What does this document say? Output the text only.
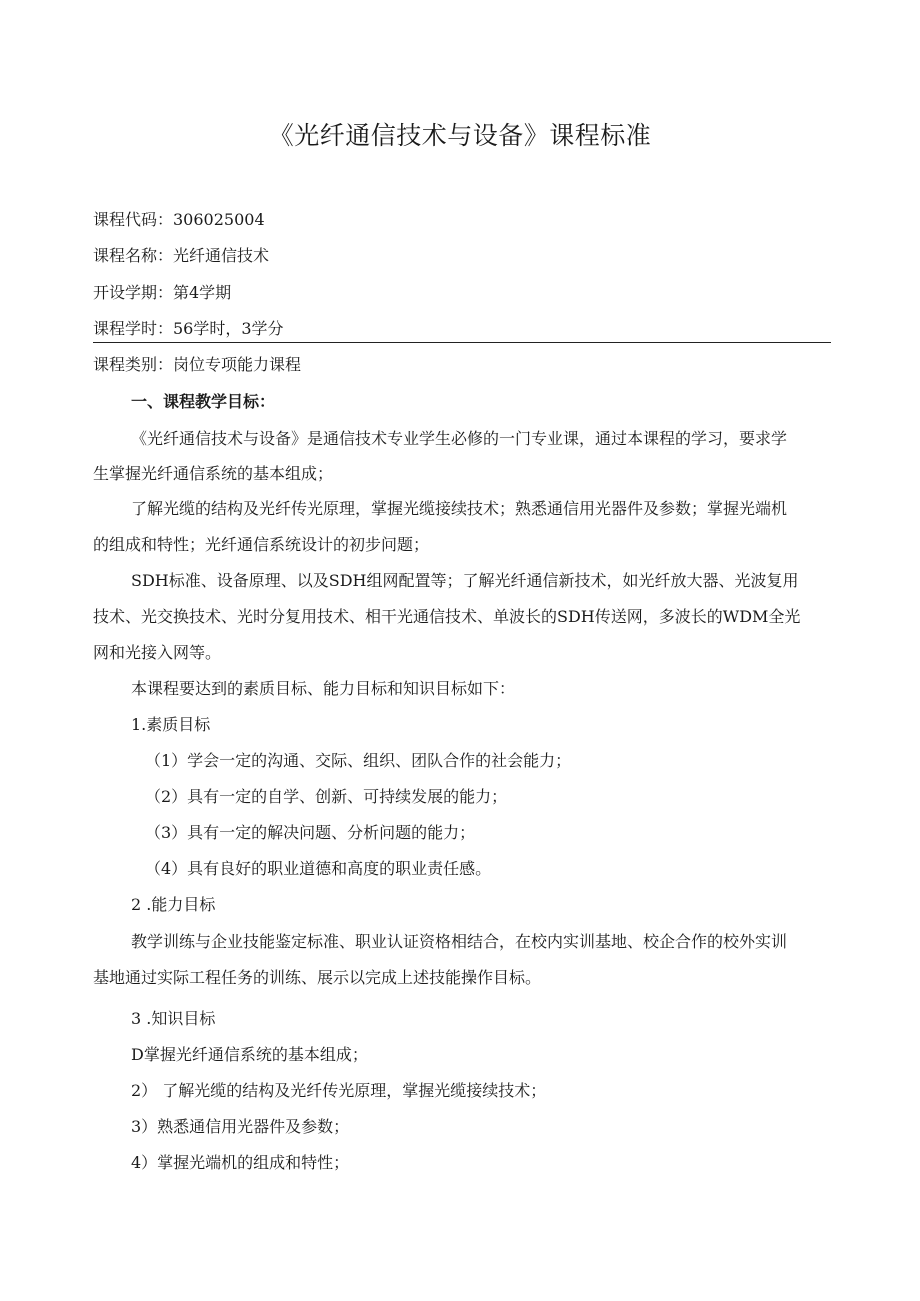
《光纤通信技术与设备》课程标准
课程代码：306025004
课程名称：光纤通信技术
开设学期：第4学期
课程学时：56学时，3学分
课程类别：岗位专项能力课程
一、课程教学目标：
《光纤通信技术与设备》是通信技术专业学生必修的一门专业课，通过本课程的学习，要求学
生掌握光纤通信系统的基本组成；
了解光缆的结构及光纤传光原理，掌握光缆接续技术；熟悉通信用光器件及参数；掌握光端机
的组成和特性；光纤通信系统设计的初步问题；
SDH标准、设备原理、以及SDH组网配置等；了解光纤通信新技术，如光纤放大器、光波复用
技术、光交换技术、光时分复用技术、相干光通信技术、单波长的SDH传送网，多波长的WDM全光
网和光接入网等。
本课程要达到的素质目标、能力目标和知识目标如下：
1.素质目标
（1）学会一定的沟通、交际、组织、团队合作的社会能力；
（2）具有一定的自学、创新、可持续发展的能力；
（3）具有一定的解决问题、分析问题的能力；
（4）具有良好的职业道德和高度的职业责任感。
2 .能力目标
教学训练与企业技能鉴定标准、职业认证资格相结合，在校内实训基地、校企合作的校外实训
基地通过实际工程任务的训练、展示以完成上述技能操作目标。
3 .知识目标
D掌握光纤通信系统的基本组成；
2） 了解光缆的结构及光纤传光原理，掌握光缆接续技术；
3）熟悉通信用光器件及参数；
4）掌握光端机的组成和特性；
